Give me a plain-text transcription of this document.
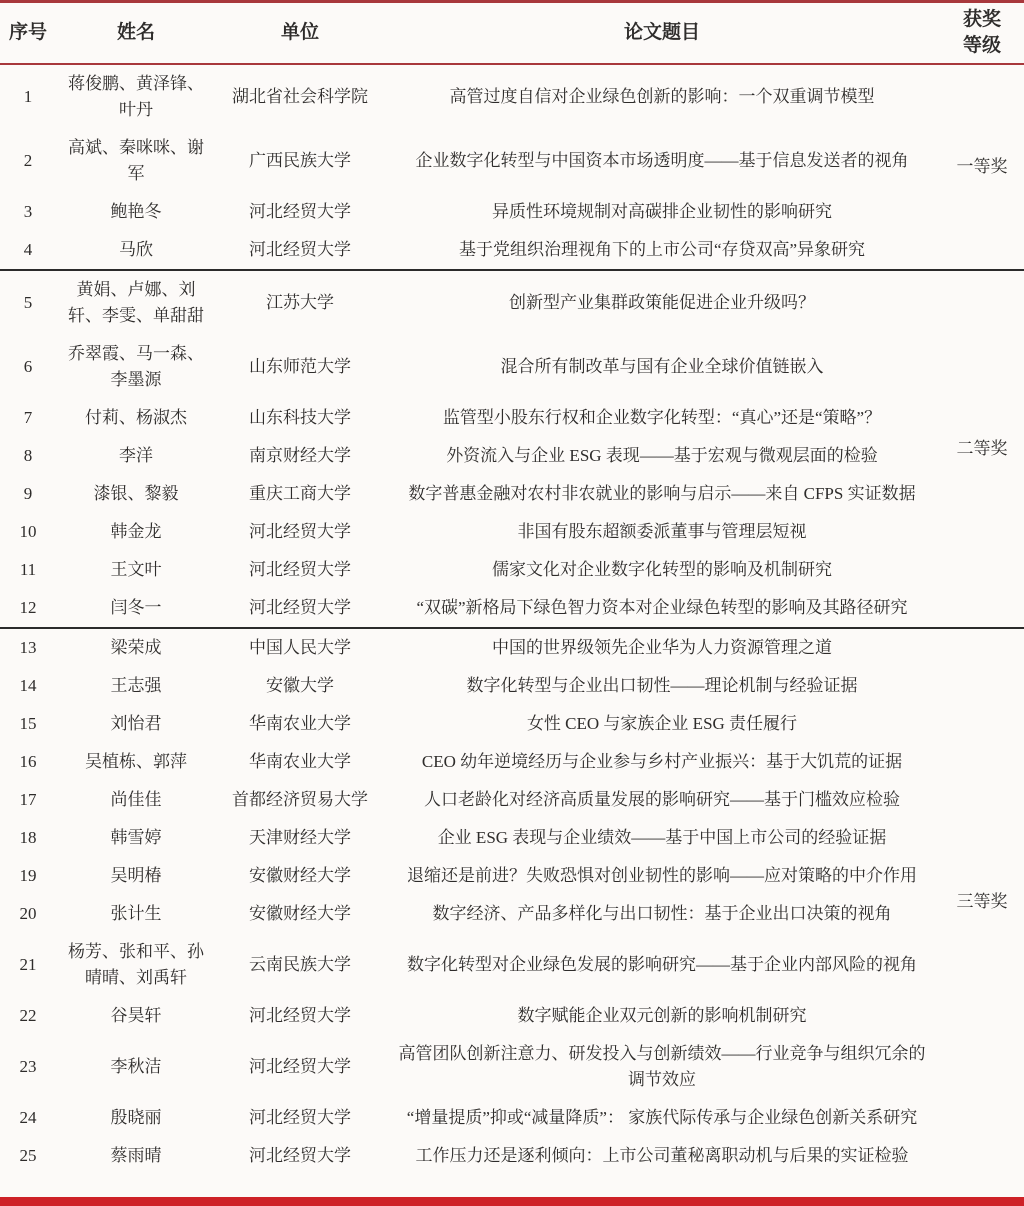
序号	姓名	单位	论文题目	获奖
等级

1	蒋俊鹏、黄泽锋、叶丹	湖北省社会科学院	高管过度自信对企业绿色创新的影响：一个双重调节模型	一等奖
2	高斌、秦咪咪、谢军	广西民族大学	企业数字化转型与中国资本市场透明度——基于信息发送者的视角	
3	鲍艳冬	河北经贸大学	异质性环境规制对高碳排企业韧性的影响研究	
4	马欣	河北经贸大学	基于党组织治理视角下的上市公司“存贷双高”异象研究	
5	黄娟、卢娜、刘轩、李雯、单甜甜	江苏大学	创新型产业集群政策能促进企业升级吗？	二等奖
6	乔翠霞、马一森、李墨源	山东师范大学	混合所有制改革与国有企业全球价值链嵌入	
7	付莉、杨淑杰	山东科技大学	监管型小股东行权和企业数字化转型：“真心”还是“策略”？	
8	李洋	南京财经大学	外资流入与企业 ESG 表现——基于宏观与微观层面的检验	
9	漆银、黎毅	重庆工商大学	数字普惠金融对农村非农就业的影响与启示——来自 CFPS 实证数据	
10	韩金龙	河北经贸大学	非国有股东超额委派董事与管理层短视	
11	王文叶	河北经贸大学	儒家文化对企业数字化转型的影响及机制研究	
12	闫冬一	河北经贸大学	“双碳”新格局下绿色智力资本对企业绿色转型的影响及其路径研究	
13	梁荣成	中国人民大学	中国的世界级领先企业华为人力资源管理之道	三等奖
14	王志强	安徽大学	数字化转型与企业出口韧性——理论机制与经验证据	
15	刘怡君	华南农业大学	女性 CEO 与家族企业 ESG 责任履行	
16	吴植栋、郭萍	华南农业大学	CEO 幼年逆境经历与企业参与乡村产业振兴：基于大饥荒的证据	
17	尚佳佳	首都经济贸易大学	人口老龄化对经济高质量发展的影响研究——基于门槛效应检验	
18	韩雪婷	天津财经大学	企业 ESG 表现与企业绩效——基于中国上市公司的经验证据	
19	吴明椿	安徽财经大学	退缩还是前进？失败恐惧对创业韧性的影响——应对策略的中介作用	
20	张计生	安徽财经大学	数字经济、产品多样化与出口韧性：基于企业出口决策的视角	
21	杨芳、张和平、孙晴晴、刘禹轩	云南民族大学	数字化转型对企业绿色发展的影响研究——基于企业内部风险的视角	
22	谷昊轩	河北经贸大学	数字赋能企业双元创新的影响机制研究	
23	李秋洁	河北经贸大学	高管团队创新注意力、研发投入与创新绩效——行业竞争与组织冗余的调节效应	
24	殷晓丽	河北经贸大学	“增量提质”抑或“减量降质”： 家族代际传承与企业绿色创新关系研究	
25	蔡雨晴	河北经贸大学	工作压力还是逐利倾向：上市公司董秘离职动机与后果的实证检验	
